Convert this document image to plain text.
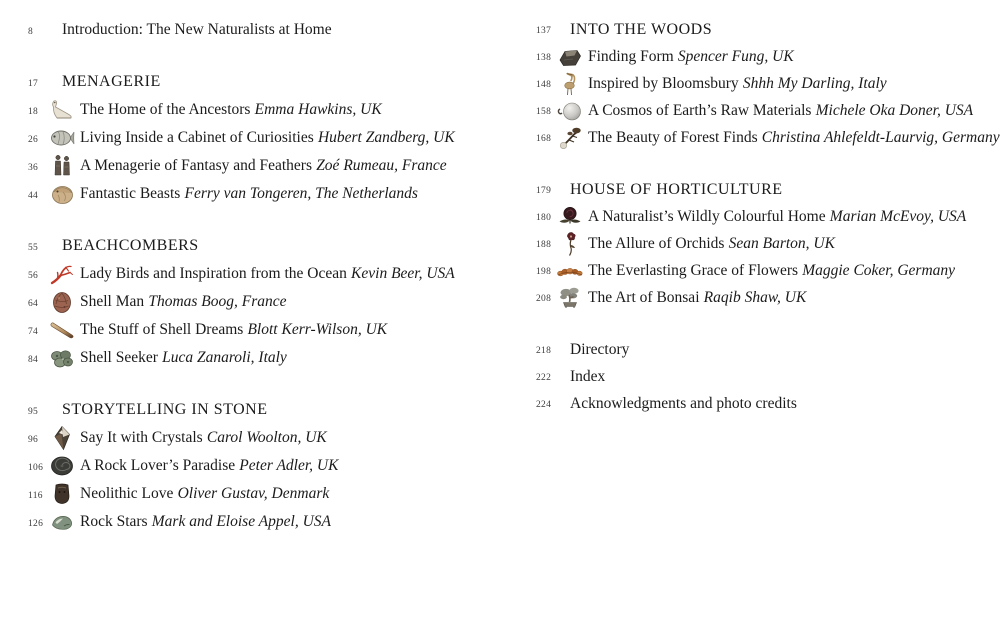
8	Introduction: The New Naturalists at Home
17	MENAGERIE
18	The Home of the Ancestors Emma Hawkins, UK
26	Living Inside a Cabinet of Curiosities Hubert Zandberg, UK
36	A Menagerie of Fantasy and Feathers Zoé Rumeau, France
44	Fantastic Beasts Ferry van Tongeren, The Netherlands
55	BEACHCOMBERS
56	Lady Birds and Inspiration from the Ocean Kevin Beer, USA
64	Shell Man Thomas Boog, France
74	The Stuff of Shell Dreams Blott Kerr-Wilson, UK
84	Shell Seeker Luca Zanaroli, Italy
95	STORYTELLING IN STONE
96	Say It with Crystals Carol Woolton, UK
106	A Rock Lover’s Paradise Peter Adler, UK
116	Neolithic Love Oliver Gustav, Denmark
126	Rock Stars Mark and Eloise Appel, USA
137	INTO THE WOODS
138	Finding Form Spencer Fung, UK
148	Inspired by Bloomsbury Shhh My Darling, Italy
158	A Cosmos of Earth’s Raw Materials Michele Oka Doner, USA
168	The Beauty of Forest Finds Christina Ahlefeldt-Laurvig, Germany
179	HOUSE OF HORTICULTURE
180	A Naturalist’s Wildly Colourful Home Marian McEvoy, USA
188	The Allure of Orchids Sean Barton, UK
198	The Everlasting Grace of Flowers Maggie Coker, Germany
208	The Art of Bonsai Raqib Shaw, UK
218	Directory
222	Index
224	Acknowledgments and photo credits
